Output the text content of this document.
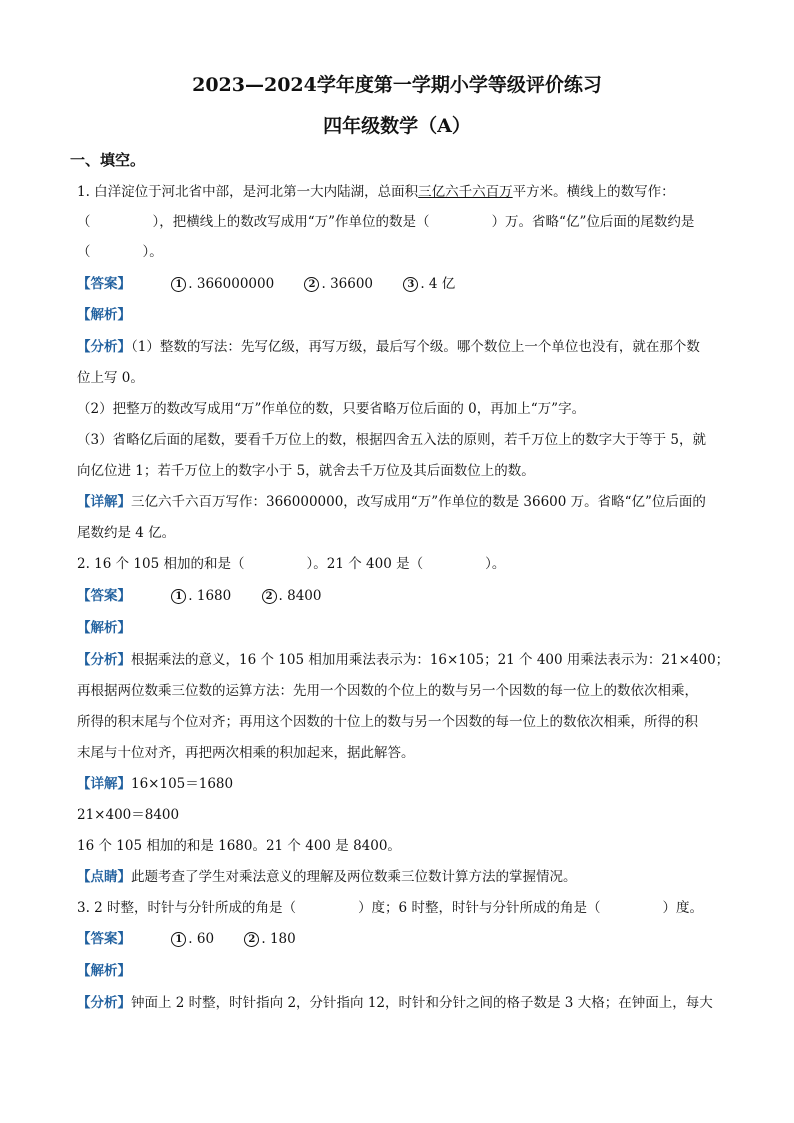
2023—2024学年度第一学期小学等级评价练习
四年级数学（A）
一、填空。
1. 白洋淀位于河北省中部，是河北第一大内陆湖，总面积三亿六千六百万平方米。横线上的数写作：
（	），把横线上的数改写成用“万”作单位的数是（	）万。省略“亿”位后面的尾数约是
（	）。
【答案】	1 . 366000000	2 . 36600	3 . 4 亿
【解析】
【分析】（1）整数的写法：先写亿级，再写万级，最后写个级。哪个数位上一个单位也没有，就在那个数
位上写 0。
（2）把整万的数改写成用“万”作单位的数，只要省略万位后面的 0，再加上“万”字。
（3）省略亿后面的尾数，要看千万位上的数，根据四舍五入法的原则，若千万位上的数字大于等于 5，就
向亿位进 1；若千万位上的数字小于 5，就舍去千万位及其后面数位上的数。
【详解】三亿六千六百万写作：366000000，改写成用“万”作单位的数是 36600 万。省略“亿”位后面的
尾数约是 4 亿。
2. 16 个 105 相加的和是（	）。21 个 400 是（	）。
【答案】	1 . 1680	2 . 8400
【解析】
【分析】根据乘法的意义，16 个 105 相加用乘法表示为：16×105；21 个 400 用乘法表示为：21×400；
再根据两位数乘三位数的运算方法：先用一个因数的个位上的数与另一个因数的每一位上的数依次相乘，
所得的积末尾与个位对齐；再用这个因数的十位上的数与另一个因数的每一位上的数依次相乘，所得的积
末尾与十位对齐，再把两次相乘的积加起来，据此解答。
【详解】16×105＝1680
21×400＝8400
16 个 105 相加的和是 1680。21 个 400 是 8400。
【点睛】此题考查了学生对乘法意义的理解及两位数乘三位数计算方法的掌握情况。
3. 2 时整，时针与分针所成的角是（	）度；6 时整，时针与分针所成的角是（	）度。
【答案】	1 . 60	2 . 180
【解析】
【分析】钟面上 2 时整，时针指向 2，分针指向 12，时针和分针之间的格子数是 3 大格；在钟面上，每大
